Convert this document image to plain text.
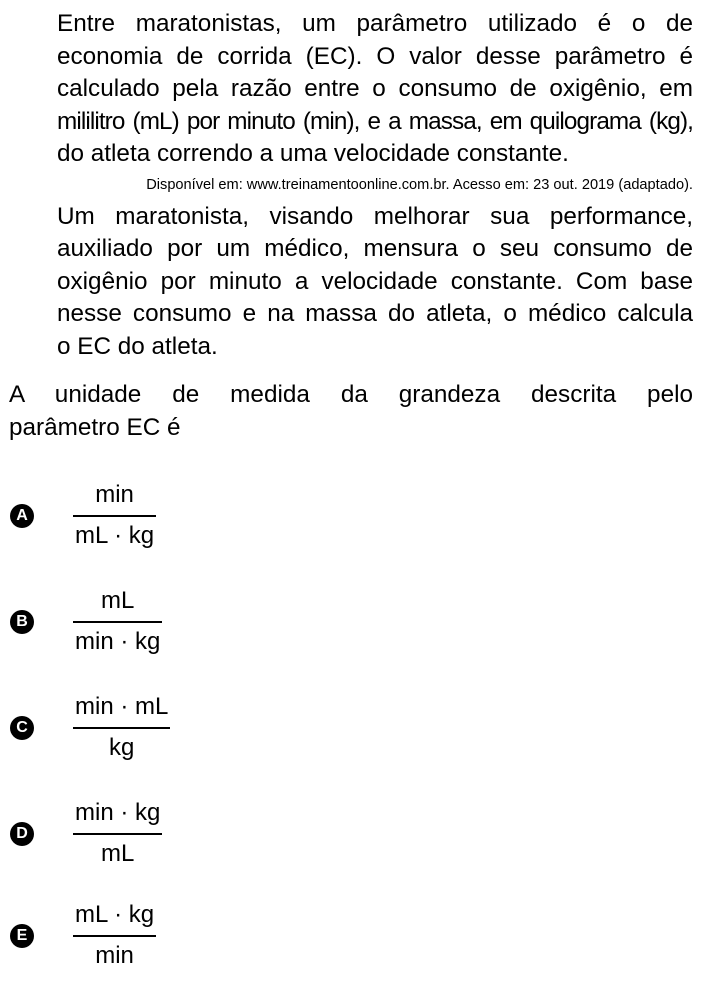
Entre maratonistas, um parâmetro utilizado é o de
economia de corrida (EC). O valor desse parâmetro é
calculado pela razão entre o consumo de oxigênio, em
mililitro (mL) por minuto (min), e a massa, em quilograma (kg),
do atleta correndo a uma velocidade constante.

Disponível em: www.treinamentoonline.com.br. Acesso em: 23 out. 2019 (adaptado).

Um maratonista, visando melhorar sua performance,
auxiliado por um médico, mensura o seu consumo de
oxigênio por minuto a velocidade constante. Com base
nesse consumo e na massa do atleta, o médico calcula
o EC do atleta.

A unidade de medida da grandeza descrita pelo
parâmetro EC é

A
min
mL · kg
B
mL
min · kg
C
min · mL
kg
D
min · kg
mL
E
mL · kg
min
